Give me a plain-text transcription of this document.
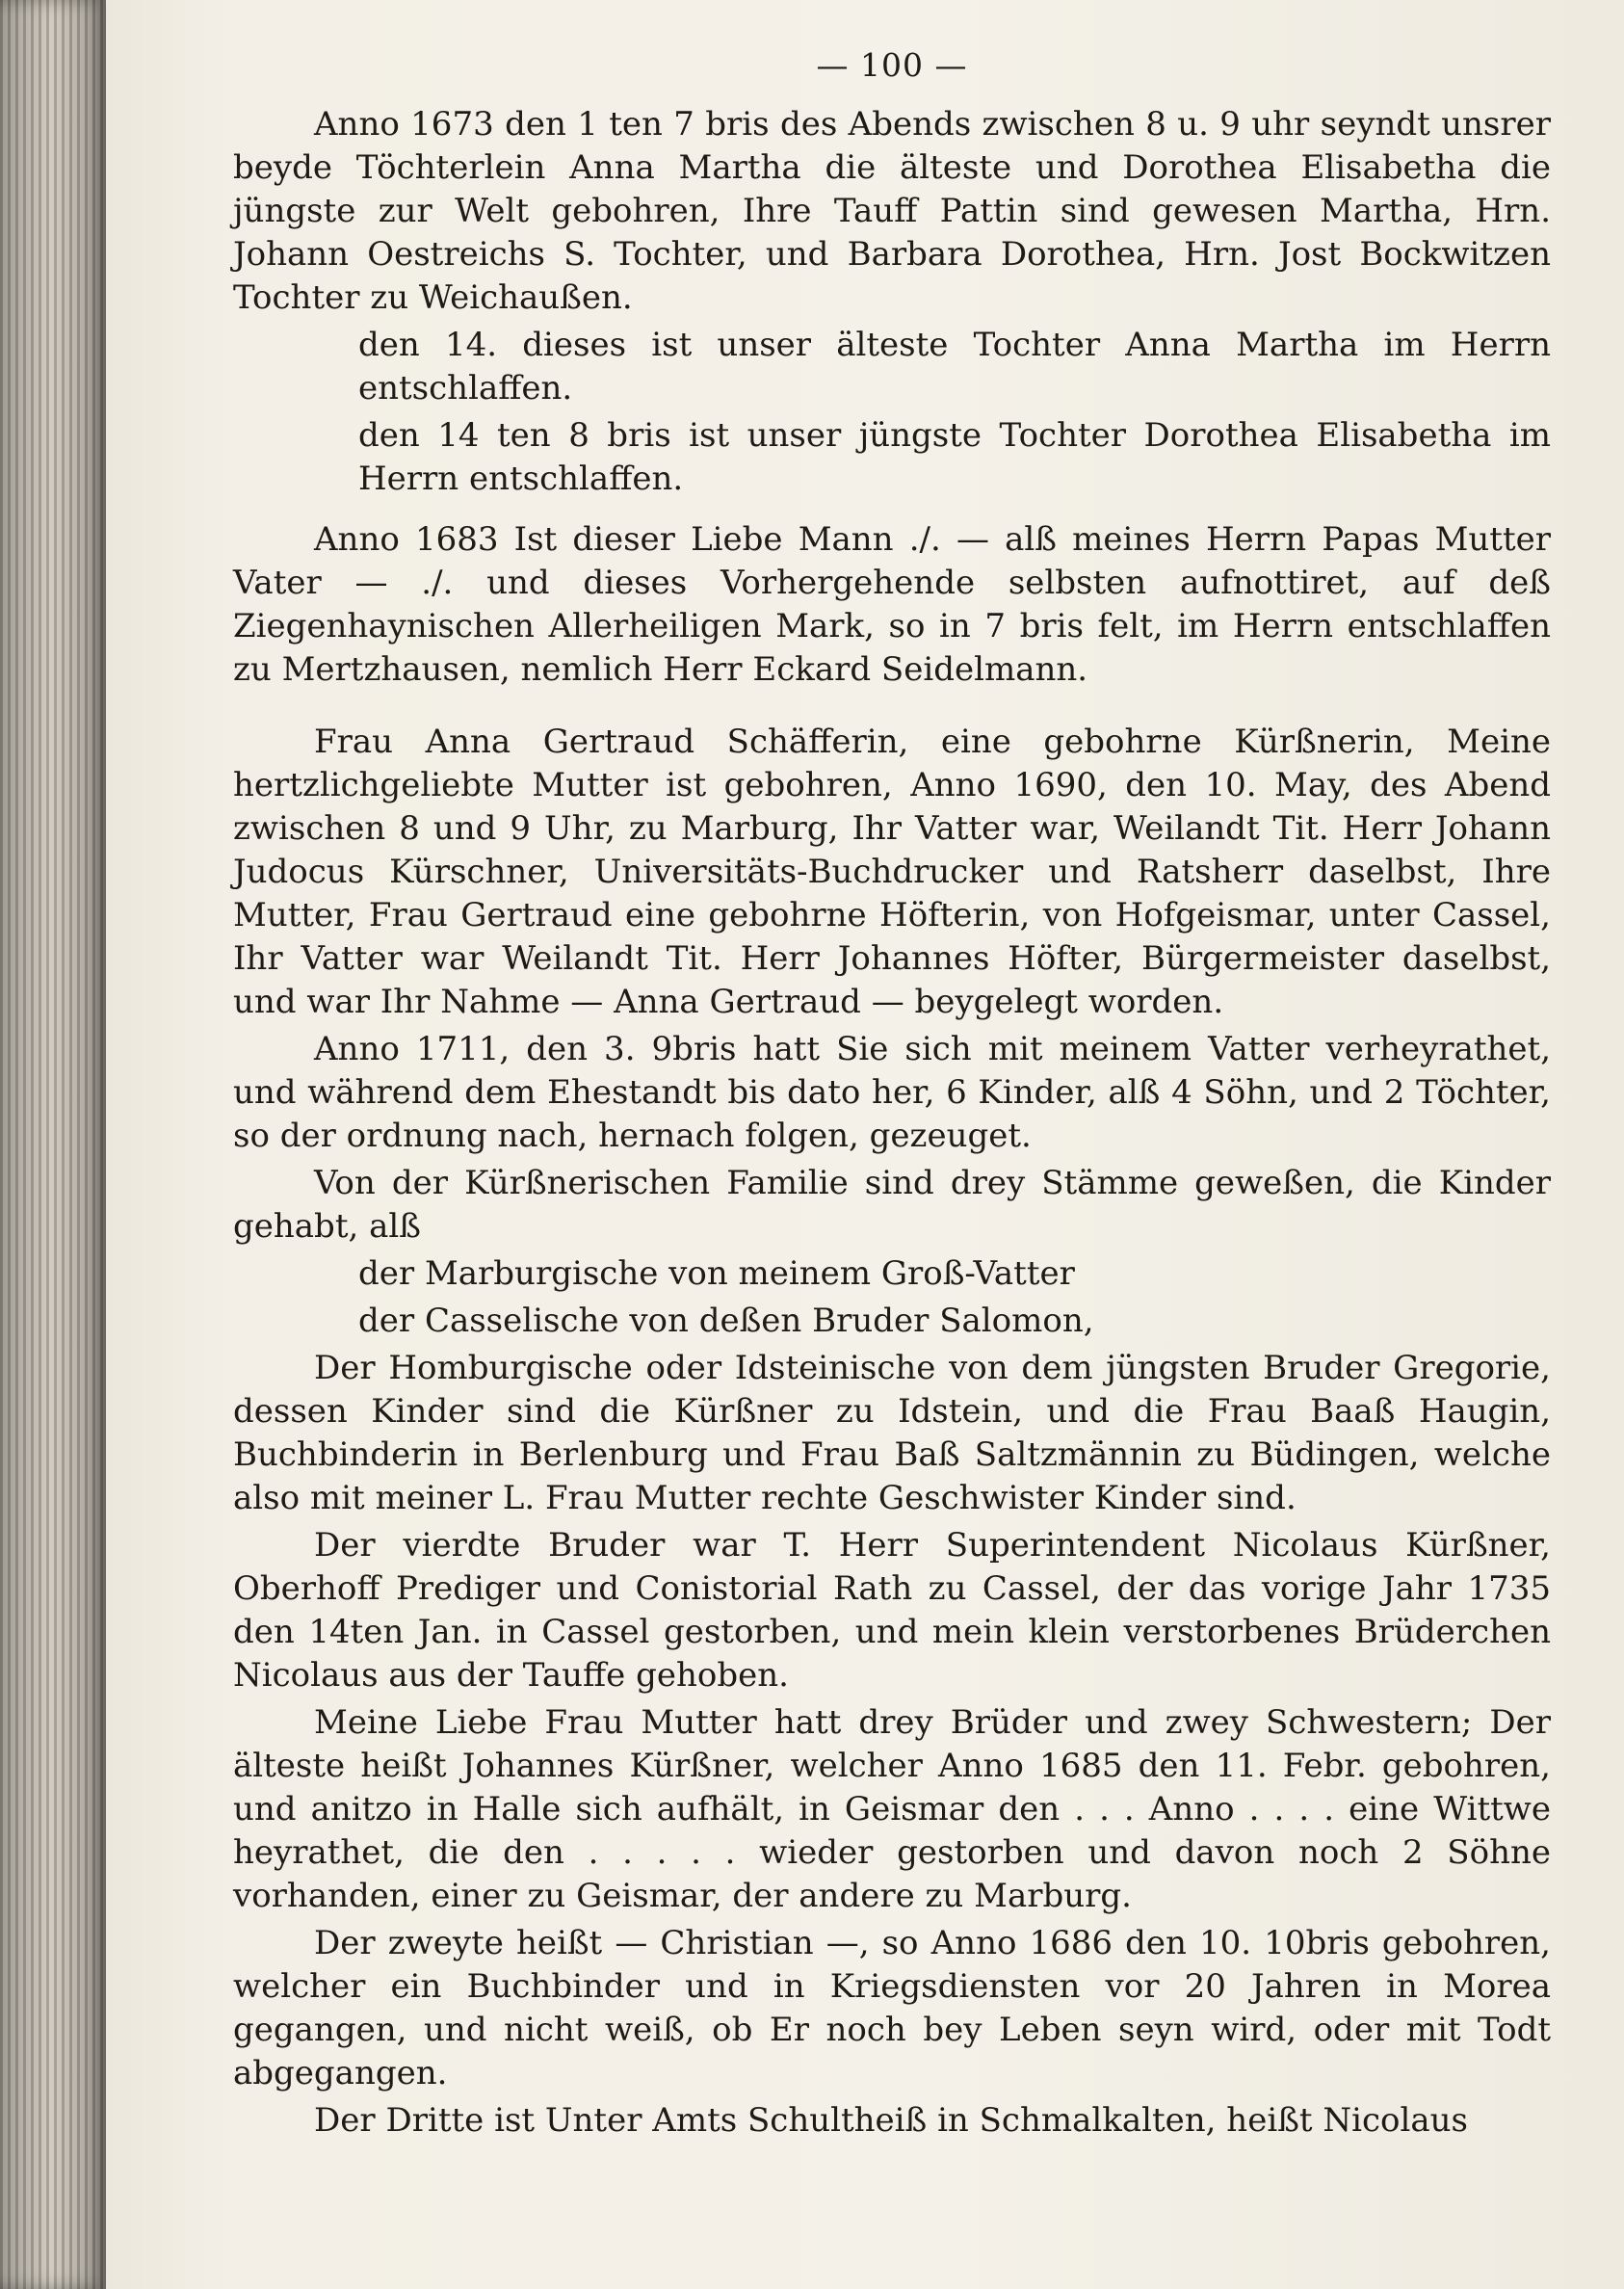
— 100 —

Anno 1673 den 1 ten 7 bris des Abends zwischen 8 u. 9 uhr seyndt unsrer beyde Töchterlein Anna Martha die älteste und Dorothea Elisabetha die jüngste zur Welt gebohren, Ihre Tauff Pattin sind gewesen Martha, Hrn. Johann Oestreichs S. Tochter, und Barbara Dorothea, Hrn. Jost Bockwitzen Tochter zu Weichaußen.

den 14. dieses ist unser älteste Tochter Anna Martha im Herrn entschlaffen.

den 14 ten 8 bris ist unser jüngste Tochter Dorothea Elisabetha im Herrn entschlaffen.

Anno 1683 Ist dieser Liebe Mann ./. — alß meines Herrn Papas Mutter Vater — ./. und dieses Vorhergehende selbsten aufnottiret, auf deß Ziegenhaynischen Allerheiligen Mark, so in 7 bris felt, im Herrn entschlaffen zu Mertzhausen, nemlich Herr Eckard Seidelmann.

Frau Anna Gertraud Schäfferin, eine gebohrne Kürßnerin, Meine hertzlichgeliebte Mutter ist gebohren, Anno 1690, den 10. May, des Abend zwischen 8 und 9 Uhr, zu Marburg, Ihr Vatter war, Weilandt Tit. Herr Johann Judocus Kürschner, Universitäts-Buchdrucker und Ratsherr daselbst, Ihre Mutter, Frau Gertraud eine gebohrne Höfterin, von Hofgeismar, unter Cassel, Ihr Vatter war Weilandt Tit. Herr Johannes Höfter, Bürgermeister daselbst, und war Ihr Nahme — Anna Gertraud — beygelegt worden.

Anno 1711, den 3. 9bris hatt Sie sich mit meinem Vatter verheyrathet, und während dem Ehestandt bis dato her, 6 Kinder, alß 4 Söhn, und 2 Töchter, so der ordnung nach, hernach folgen, gezeuget.

Von der Kürßnerischen Familie sind drey Stämme geweßen, die Kinder gehabt, alß

der Marburgische von meinem Groß-Vatter

der Casselische von deßen Bruder Salomon,

Der Homburgische oder Idsteinische von dem jüngsten Bruder Gregorie, dessen Kinder sind die Kürßner zu Idstein, und die Frau Baaß Haugin, Buchbinderin in Berlenburg und Frau Baß Saltzmännin zu Büdingen, welche also mit meiner L. Frau Mutter rechte Geschwister Kinder sind.

Der vierdte Bruder war T. Herr Superintendent Nicolaus Kürßner, Oberhoff Prediger und Conistorial Rath zu Cassel, der das vorige Jahr 1735 den 14ten Jan. in Cassel gestorben, und mein klein verstorbenes Brüderchen Nicolaus aus der Tauffe gehoben.

Meine Liebe Frau Mutter hatt drey Brüder und zwey Schwestern; Der älteste heißt Johannes Kürßner, welcher Anno 1685 den 11. Febr. gebohren, und anitzo in Halle sich aufhält, in Geismar den . . . Anno . . . . eine Wittwe heyrathet, die den . . . . . wieder gestorben und davon noch 2 Söhne vorhanden, einer zu Geismar, der andere zu Marburg.

Der zweyte heißt — Christian —, so Anno 1686 den 10. 10bris gebohren, welcher ein Buchbinder und in Kriegsdiensten vor 20 Jahren in Morea gegangen, und nicht weiß, ob Er noch bey Leben seyn wird, oder mit Todt abgegangen.

Der Dritte ist Unter Amts Schultheiß in Schmalkalten, heißt Nicolaus
